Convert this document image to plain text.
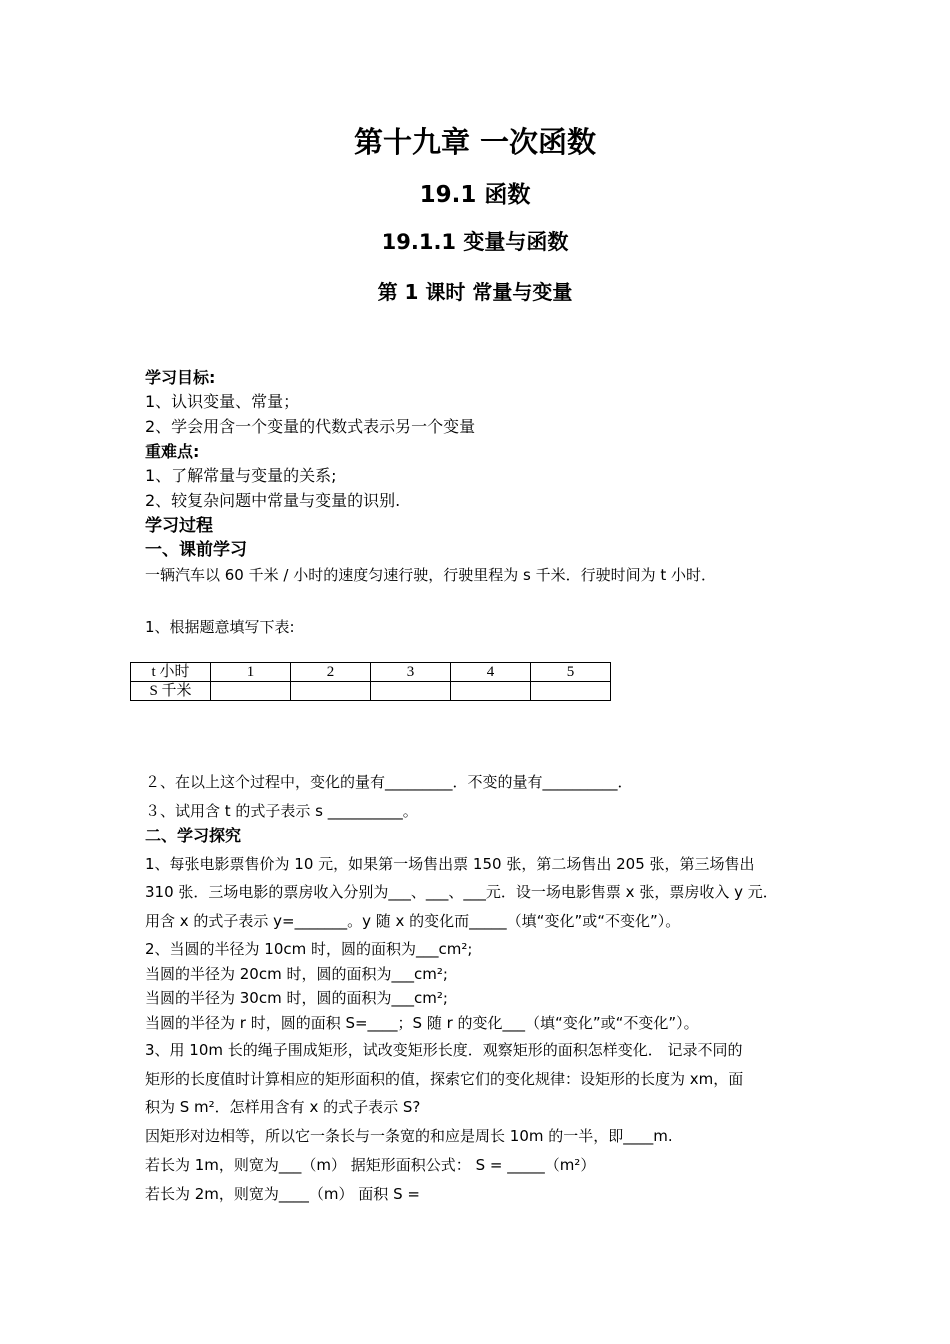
第十九章 一次函数
19.1 函数
19.1.1 变量与函数
第 1 课时 常量与变量
学习目标:
1、认识变量、常量；
2、学会用含一个变量的代数式表示另一个变量
重难点:
1、了解常量与变量的关系;
2、较复杂问题中常量与变量的识别.
学习过程
一、课前学习
一辆汽车以 60 千米 / 小时的速度匀速行驶，行驶里程为 s 千米．行驶时间为 t 小时．
1、根据题意填写下表:
t 小时	1	2	3	4	5
S 千米					
２、在以上这个过程中，变化的量有_________．不变的量有__________．
３、试用含 t 的式子表示 s __________。
二、学习探究
1、每张电影票售价为 10 元，如果第一场售出票 150 张，第二场售出 205 张，第三场售出
310 张．三场电影的票房收入分别为___、___、___元．设一场电影售票 x 张，票房收入 y 元．
用含 x 的式子表示 y=_______。y 随 x 的变化而_____（填“变化”或“不变化”）。
2、当圆的半径为 10cm 时，圆的面积为___cm²;
当圆的半径为 20cm 时，圆的面积为___cm²;
当圆的半径为 30cm 时，圆的面积为___cm²;
当圆的半径为 r 时，圆的面积 S=____；S 随 r 的变化___（填“变化”或“不变化”）。
3、用 10m 长的绳子围成矩形，试改变矩形长度．观察矩形的面积怎样变化． 记录不同的
矩形的长度值时计算相应的矩形面积的值，探索它们的变化规律：设矩形的长度为 xm，面
积为 S m²．怎样用含有 x 的式子表示 S?
因矩形对边相等，所以它一条长与一条宽的和应是周长 10m 的一半，即____m.
若长为 1m，则宽为___（m） 据矩形面积公式： S = _____（m²）
若长为 2m，则宽为____（m） 面积 S =
